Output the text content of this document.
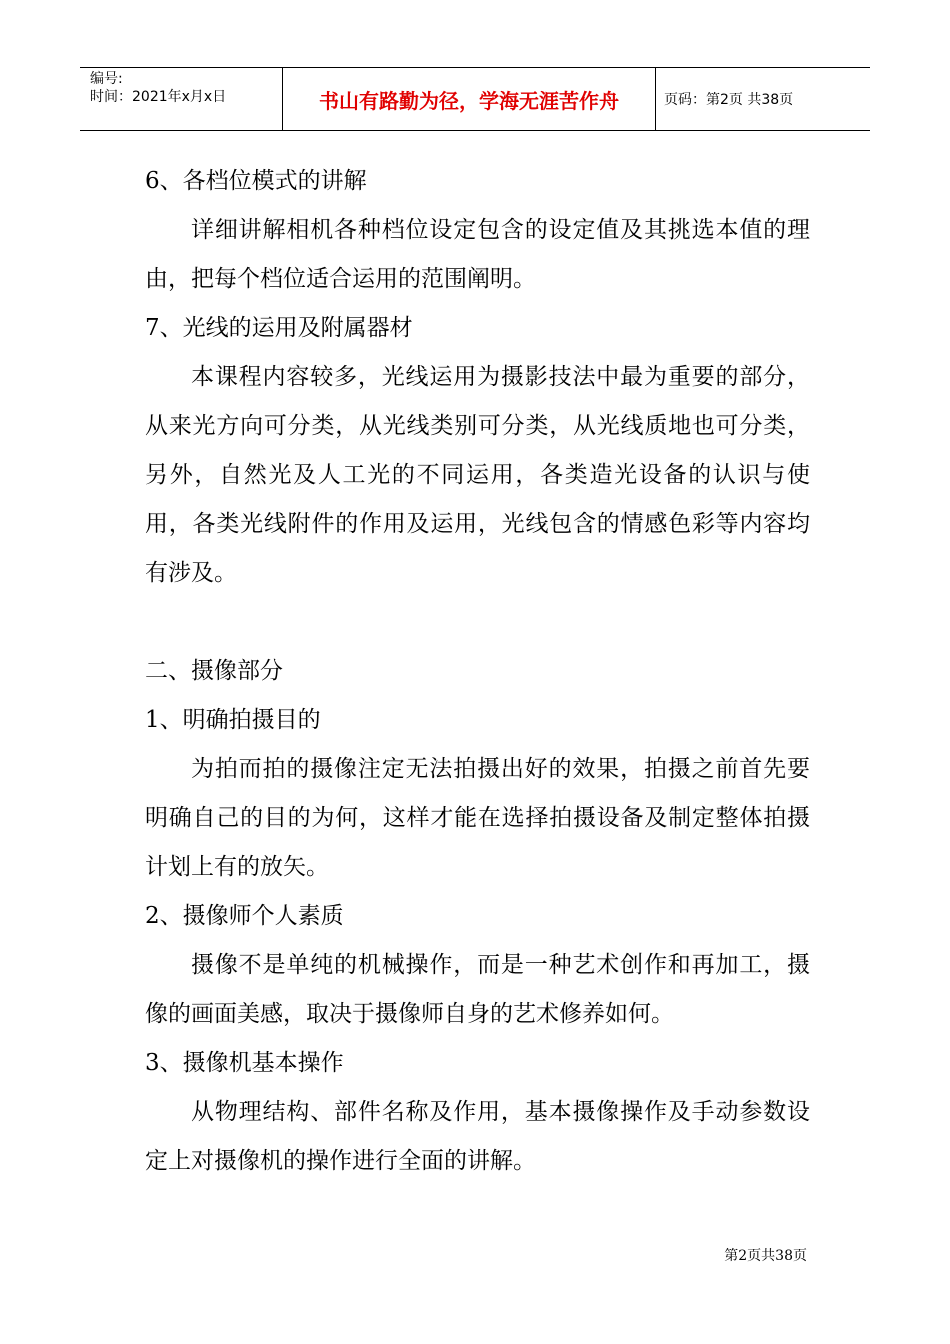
编号:
时间：2021年x月x日	书山有路勤为径，学海无涯苦作舟	页码：第2页 共38页
6、各档位模式的讲解
详细讲解相机各种档位设定包含的设定值及其挑选本值的理由，把每个档位适合运用的范围阐明。
7、光线的运用及附属器材
本课程内容较多，光线运用为摄影技法中最为重要的部分，从来光方向可分类，从光线类别可分类，从光线质地也可分类，另外，自然光及人工光的不同运用，各类造光设备的认识与使用，各类光线附件的作用及运用，光线包含的情感色彩等内容均有涉及。
二、摄像部分
1、明确拍摄目的
为拍而拍的摄像注定无法拍摄出好的效果，拍摄之前首先要明确自己的目的为何，这样才能在选择拍摄设备及制定整体拍摄计划上有的放矢。
2、摄像师个人素质
摄像不是单纯的机械操作，而是一种艺术创作和再加工，摄像的画面美感，取决于摄像师自身的艺术修养如何。
3、摄像机基本操作
从物理结构、部件名称及作用，基本摄像操作及手动参数设定上对摄像机的操作进行全面的讲解。
第2页共38页
